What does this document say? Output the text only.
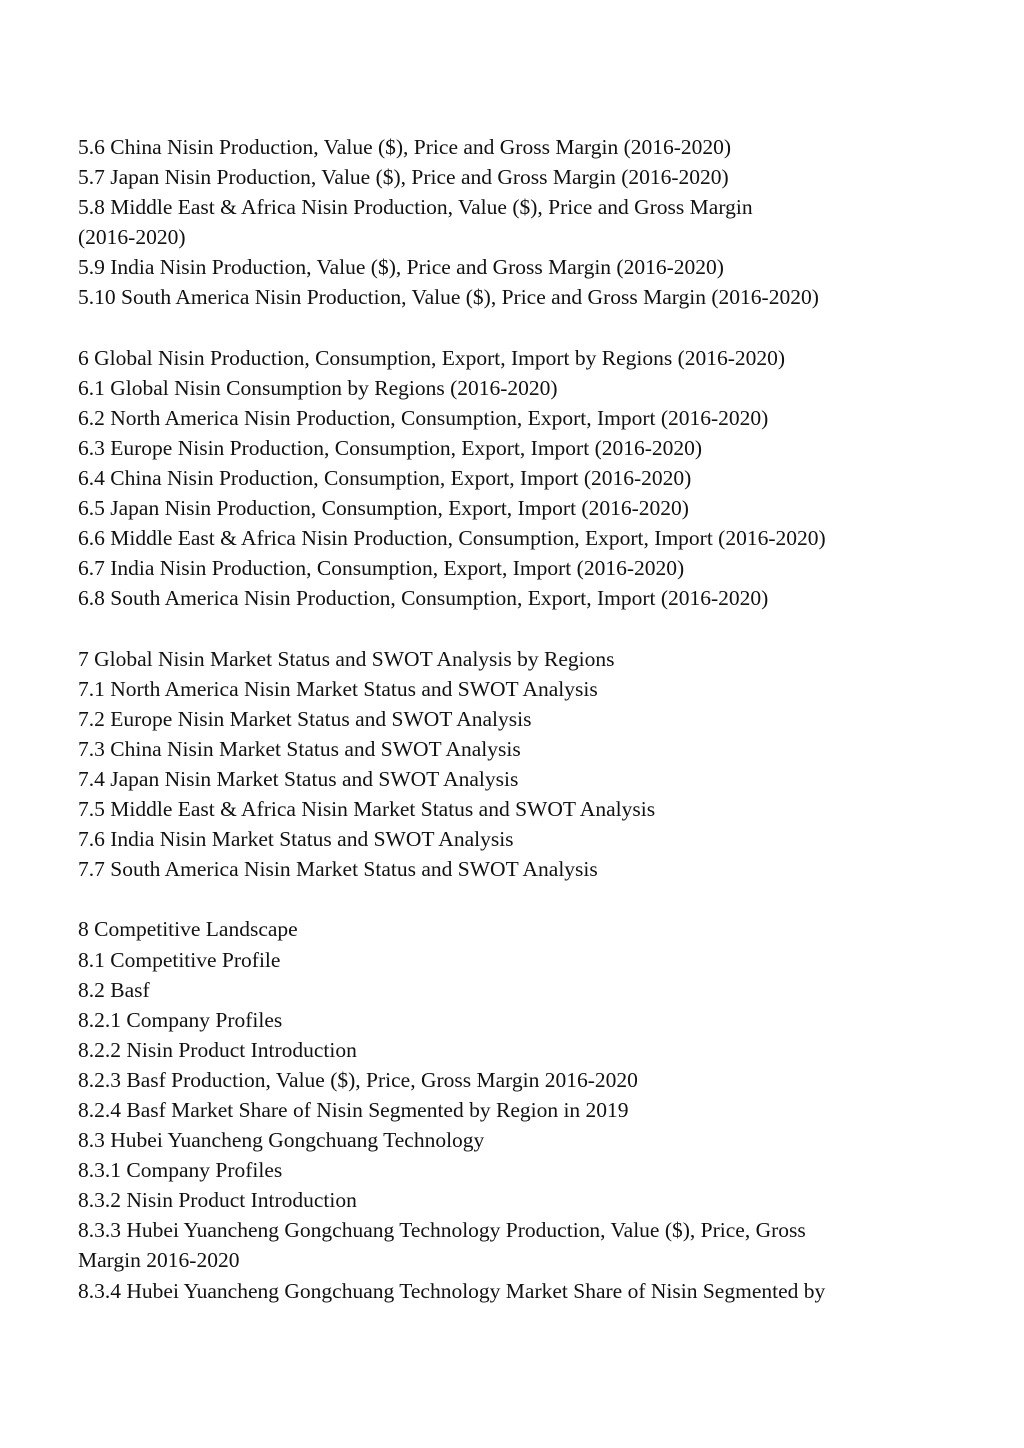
5.6 China Nisin Production, Value ($), Price and Gross Margin (2016-2020)

5.7 Japan Nisin Production, Value ($), Price and Gross Margin (2016-2020)

5.8 Middle East & Africa Nisin Production, Value ($), Price and Gross Margin

(2016-2020)

5.9 India Nisin Production, Value ($), Price and Gross Margin (2016-2020)

5.10 South America Nisin Production, Value ($), Price and Gross Margin (2016-2020)

6 Global Nisin Production, Consumption, Export, Import by Regions (2016-2020)

6.1 Global Nisin Consumption by Regions (2016-2020)

6.2 North America Nisin Production, Consumption, Export, Import (2016-2020)

6.3 Europe Nisin Production, Consumption, Export, Import (2016-2020)

6.4 China Nisin Production, Consumption, Export, Import (2016-2020)

6.5 Japan Nisin Production, Consumption, Export, Import (2016-2020)

6.6 Middle East & Africa Nisin Production, Consumption, Export, Import (2016-2020)

6.7 India Nisin Production, Consumption, Export, Import (2016-2020)

6.8 South America Nisin Production, Consumption, Export, Import (2016-2020)

7 Global Nisin Market Status and SWOT Analysis by Regions

7.1 North America Nisin Market Status and SWOT Analysis

7.2 Europe Nisin Market Status and SWOT Analysis

7.3 China Nisin Market Status and SWOT Analysis

7.4 Japan Nisin Market Status and SWOT Analysis

7.5 Middle East & Africa Nisin Market Status and SWOT Analysis

7.6 India Nisin Market Status and SWOT Analysis

7.7 South America Nisin Market Status and SWOT Analysis

8 Competitive Landscape

8.1 Competitive Profile

8.2 Basf

8.2.1 Company Profiles

8.2.2 Nisin Product Introduction

8.2.3 Basf Production, Value ($), Price, Gross Margin 2016-2020

8.2.4 Basf Market Share of Nisin Segmented by Region in 2019

8.3 Hubei Yuancheng Gongchuang Technology

8.3.1 Company Profiles

8.3.2 Nisin Product Introduction

8.3.3 Hubei Yuancheng Gongchuang Technology Production, Value ($), Price, Gross

Margin 2016-2020

8.3.4 Hubei Yuancheng Gongchuang Technology Market Share of Nisin Segmented by
